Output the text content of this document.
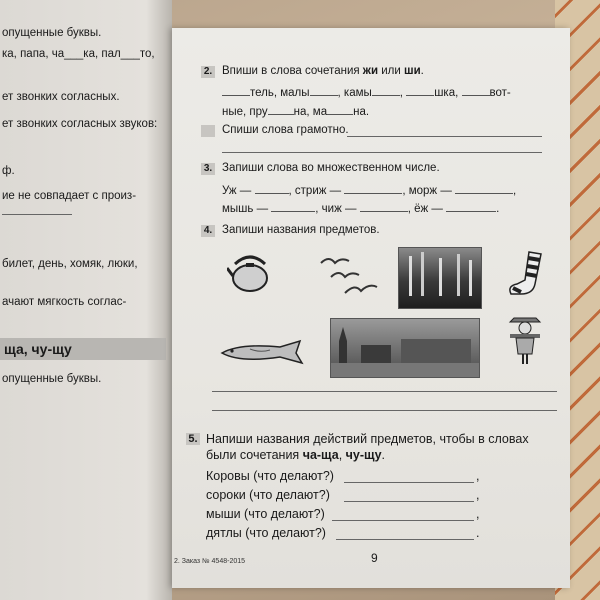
опущенные буквы.
ка, папа, ча___ка, пал___то,
ет звонких согласных.
ет звонких согласных звуков:
ф.
ие не совпадает с произ-
билет, день, хомяк, люки,
ачают мягкость соглас-
ща, чу-щу
опущенные буквы.
2. Впиши в слова сочетания жи или ши.
тель, малы , камы ,	шка,	вот-
ные, пру на, ма на.
Спиши слова грамотно.
3. Запиши слова во множественном числе.
Уж —	, стриж —	, морж —	,
мышь —	, чиж —	, ёж —	.
4. Запиши названия предметов.
5. Напиши названия действий предметов, чтобы в словах
были сочетания ча-ща, чу-щу.
Коровы (что делают?)	,
сороки (что делают?)	,
мыши (что делают?)	,
дятлы (что делают?)	.
2. Заказ № 4548-2015	9
